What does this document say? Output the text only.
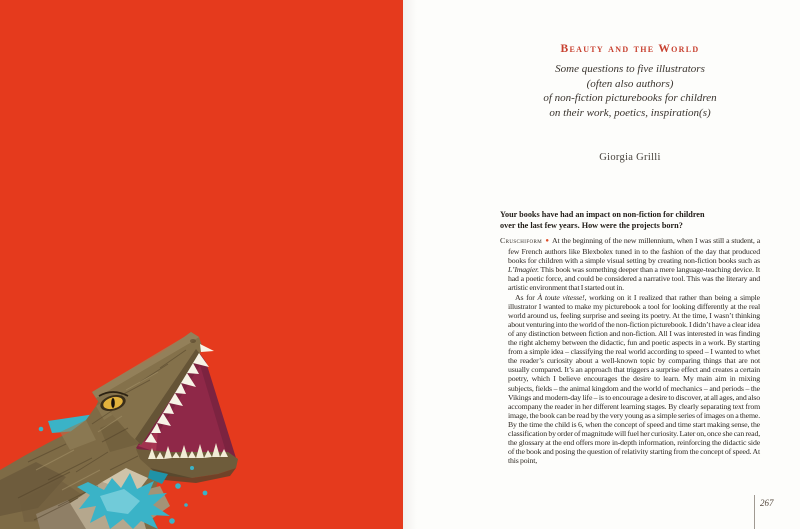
Beauty and the World
Some questions to five illustrators
(often also authors)
of non-fiction picturebooks for children
on their work, poetics, inspiration(s)
Giorgia Grilli
Your books have had an impact on non-fiction for children
over the last few years. How were the projects born?

Cruschiform ● At the beginning of the new millennium, when I was still a student, a few French authors like Blexbolex tuned in to the fashion of the day that produced books for children with a simple visual setting by creating non-fiction books such as L’Imagier. This book was something deeper than a mere language-teaching device. It had a poetic force, and could be considered a narrative tool. This was the literary and artistic environment that I started out in.

As for À toute vitesse!, working on it I realized that rather than being a simple illustrator I wanted to make my picturebook a tool for looking differently at the real world around us, feeling surprise and seeing its poetry. At the time, I wasn’t thinking about venturing into the world of the non-fiction picturebook. I didn’t have a clear idea of any distinction between fiction and non-fiction. All I was interested in was finding the right alchemy between the didactic, fun and poetic aspects in a work. By starting from a simple idea – classifying the real world according to speed – I wanted to whet the reader’s curiosity about a well-known topic by comparing things that are not usually compared. It’s an approach that triggers a surprise effect and creates a certain poetry, which I believe encourages the desire to learn. My main aim in mixing subjects, fields – the animal kingdom and the world of mechanics – and periods – the Vikings and modern-day life – is to encourage a desire to discover, at all ages, and also accompany the reader in her different learning stages. By clearly separating text from image, the book can be read by the very young as a simple series of images on a theme. By the time the child is 6, when the concept of speed and time start making sense, the classification by order of magnitude will fuel her curiosity. Later on, once she can read, the glossary at the end offers more in-depth information, reinforcing the didactic side of the book and posing the question of relativity starting from the concept of speed. At this point,

267
